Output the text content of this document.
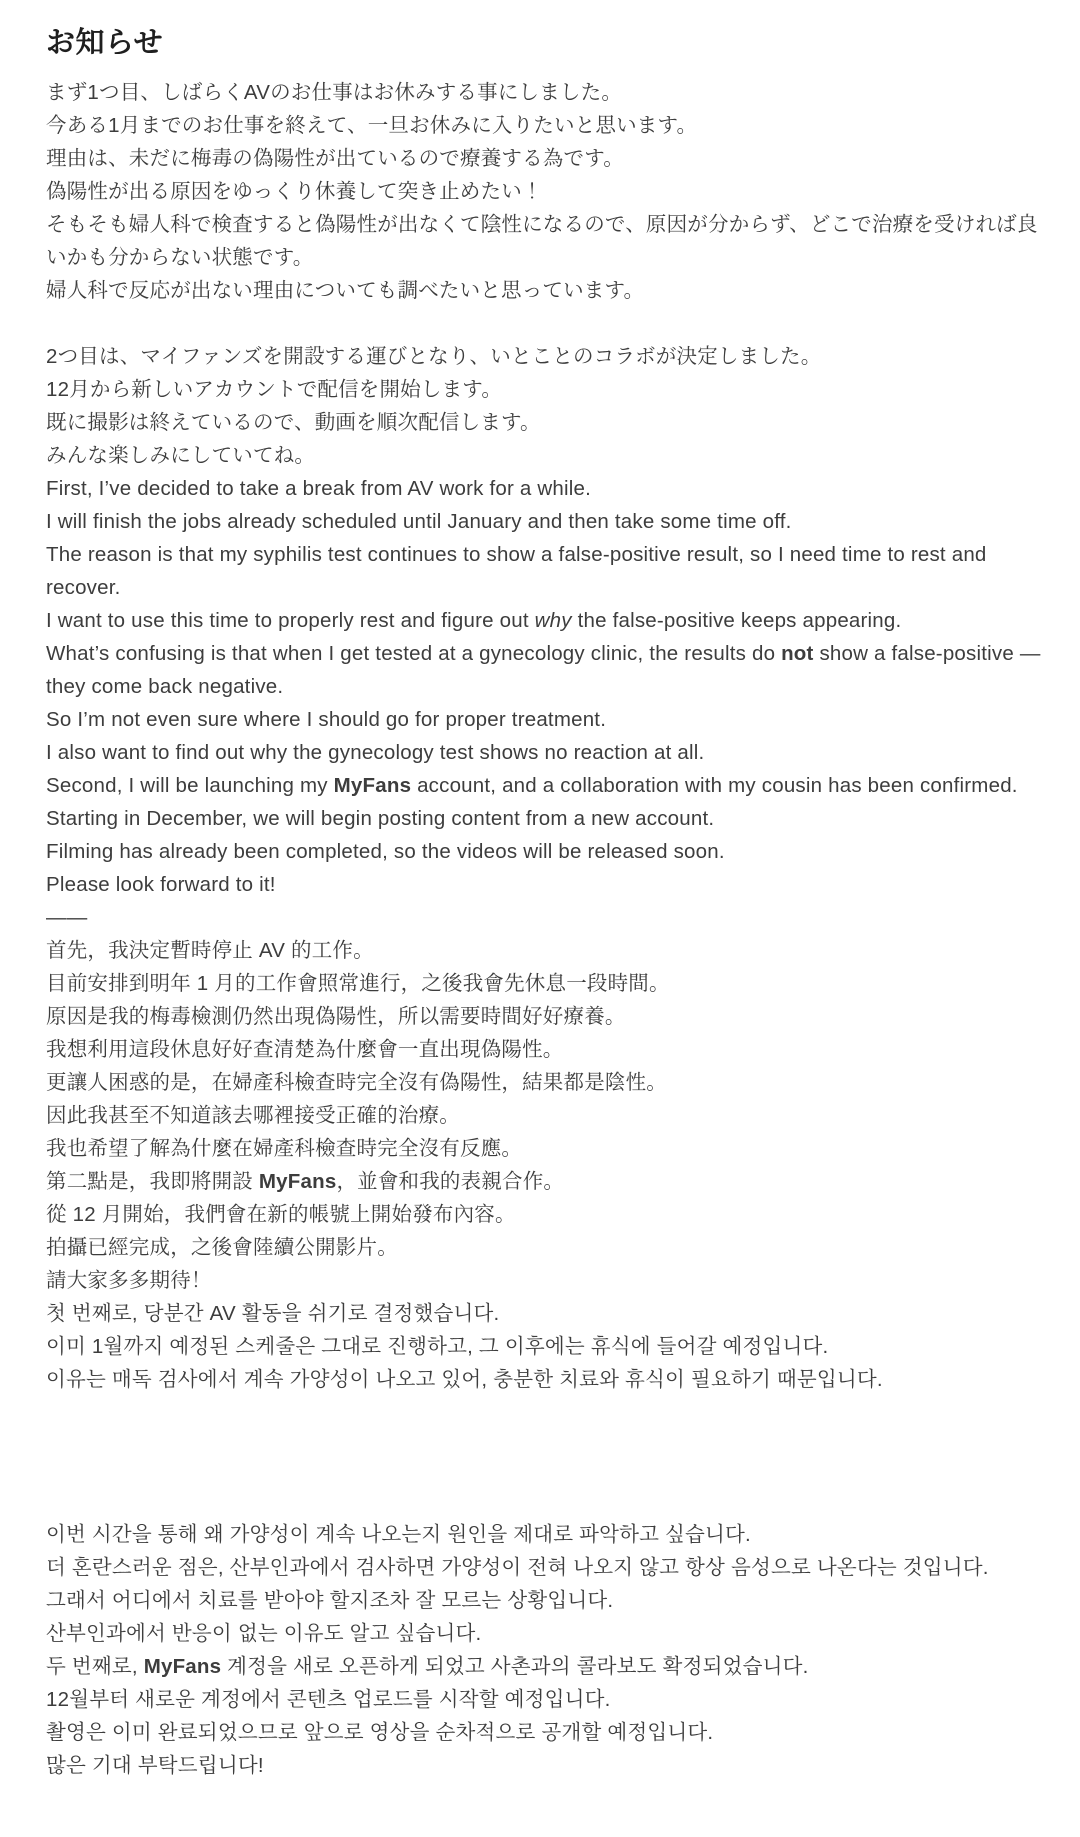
お知らせ
まず1つ目、しばらくAVのお仕事はお休みする事にしました。
今ある1月までのお仕事を終えて、一旦お休みに入りたいと思います。
理由は、未だに梅毒の偽陽性が出ているので療養する為です。
偽陽性が出る原因をゆっくり休養して突き止めたい！
そもそも婦人科で検査すると偽陽性が出なくて陰性になるので、原因が分からず、どこで治療を受ければ良いかも分からない状態です。
婦人科で反応が出ない理由についても調べたいと思っています。
2つ目は、マイファンズを開設する運びとなり、いとことのコラボが決定しました。
12月から新しいアカウントで配信を開始します。
既に撮影は終えているので、動画を順次配信します。
みんな楽しみにしていてね。
First, I’ve decided to take a break from AV work for a while.
I will finish the jobs already scheduled until January and then take some time off.
The reason is that my syphilis test continues to show a false-positive result, so I need time to rest and recover.
I want to use this time to properly rest and figure out why the false-positive keeps appearing.
What’s confusing is that when I get tested at a gynecology clinic, the results do not show a false-positive — they come back negative.
So I’m not even sure where I should go for proper treatment.
I also want to find out why the gynecology test shows no reaction at all.
Second, I will be launching my MyFans account, and a collaboration with my cousin has been confirmed.
Starting in December, we will begin posting content from a new account.
Filming has already been completed, so the videos will be released soon.
Please look forward to it!
——
首先，我決定暫時停止 AV 的工作。
目前安排到明年 1 月的工作會照常進行，之後我會先休息一段時間。
原因是我的梅毒檢測仍然出現偽陽性，所以需要時間好好療養。
我想利用這段休息好好查清楚為什麼會一直出現偽陽性。
更讓人困惑的是，在婦產科檢查時完全沒有偽陽性，結果都是陰性。
因此我甚至不知道該去哪裡接受正確的治療。
我也希望了解為什麼在婦產科檢查時完全沒有反應。
第二點是，我即將開設 MyFans，並會和我的表親合作。
從 12 月開始，我們會在新的帳號上開始發布內容。
拍攝已經完成，之後會陸續公開影片。
請大家多多期待！
첫 번째로, 당분간 AV 활동을 쉬기로 결정했습니다.
이미 1월까지 예정된 스케줄은 그대로 진행하고, 그 이후에는 휴식에 들어갈 예정입니다.
이유는 매독 검사에서 계속 가양성이 나오고 있어, 충분한 치료와 휴식이 필요하기 때문입니다.
이번 시간을 통해 왜 가양성이 계속 나오는지 원인을 제대로 파악하고 싶습니다.
더 혼란스러운 점은, 산부인과에서 검사하면 가양성이 전혀 나오지 않고 항상 음성으로 나온다는 것입니다.
그래서 어디에서 치료를 받아야 할지조차 잘 모르는 상황입니다.
산부인과에서 반응이 없는 이유도 알고 싶습니다.
두 번째로, MyFans 계정을 새로 오픈하게 되었고 사촌과의 콜라보도 확정되었습니다.
12월부터 새로운 계정에서 콘텐츠 업로드를 시작할 예정입니다.
촬영은 이미 완료되었으므로 앞으로 영상을 순차적으로 공개할 예정입니다.
많은 기대 부탁드립니다!
